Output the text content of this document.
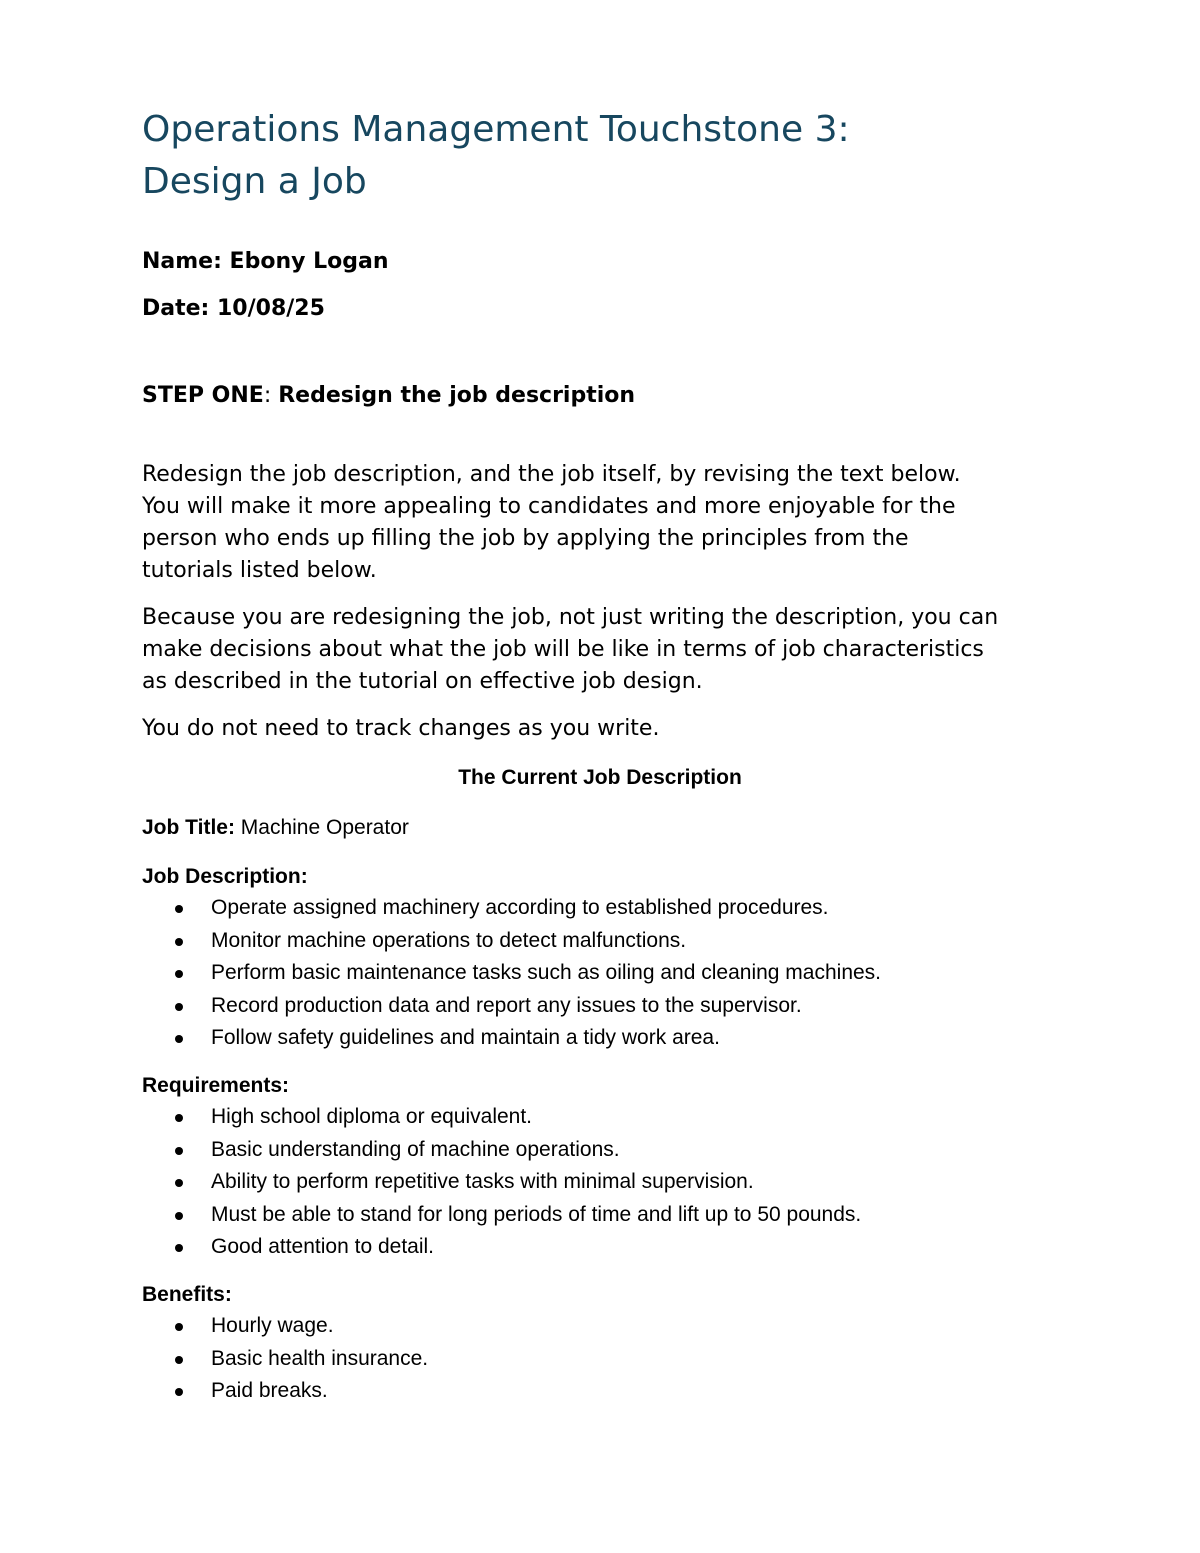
Operations Management Touchstone 3:
Design a Job
Name: Ebony Logan
Date: 10/08/25
STEP ONE: Redesign the job description
Redesign the job description, and the job itself, by revising the text below.
You will make it more appealing to candidates and more enjoyable for the
person who ends up filling the job by applying the principles from the
tutorials listed below.
Because you are redesigning the job, not just writing the description, you can
make decisions about what the job will be like in terms of job characteristics
as described in the tutorial on effective job design.
You do not need to track changes as you write.
The Current Job Description
Job Title: Machine Operator
Job Description:
Operate assigned machinery according to established procedures.
Monitor machine operations to detect malfunctions.
Perform basic maintenance tasks such as oiling and cleaning machines.
Record production data and report any issues to the supervisor.
Follow safety guidelines and maintain a tidy work area.
Requirements:
High school diploma or equivalent.
Basic understanding of machine operations.
Ability to perform repetitive tasks with minimal supervision.
Must be able to stand for long periods of time and lift up to 50 pounds.
Good attention to detail.
Benefits:
Hourly wage.
Basic health insurance.
Paid breaks.
